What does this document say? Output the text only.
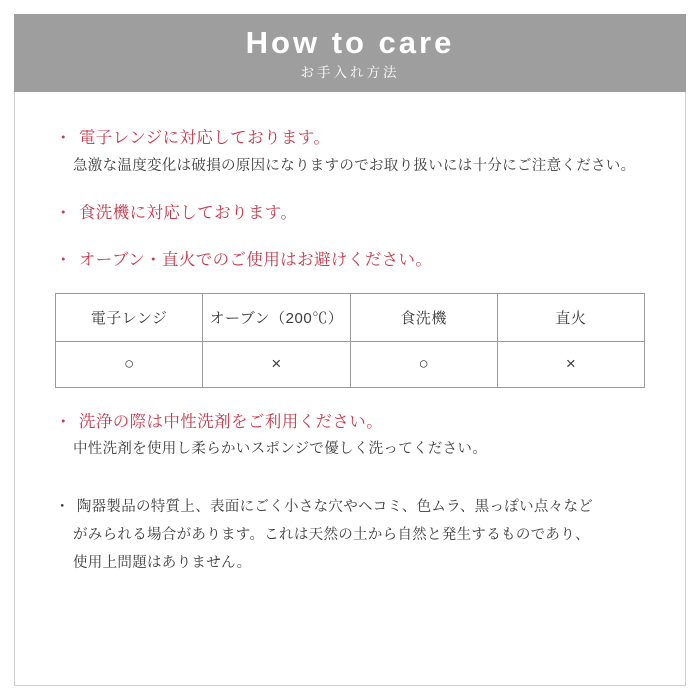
How to care
お手入れ方法
・ 電子レンジに対応しております。
急激な温度変化は破損の原因になりますのでお取り扱いには十分にご注意ください。
・ 食洗機に対応しております。
・ オーブン・直火でのご使用はお避けください。
電子レンジ	オーブン（200℃）	食洗機	直火
○	×	○	×
・ 洗浄の際は中性洗剤をご利用ください。
中性洗剤を使用し柔らかいスポンジで優しく洗ってください。
・ 陶器製品の特質上、表面にごく小さな穴やヘコミ、色ムラ、黒っぽい点々など
がみられる場合があります。これは天然の土から自然と発生するものであり、
使用上問題はありません。
